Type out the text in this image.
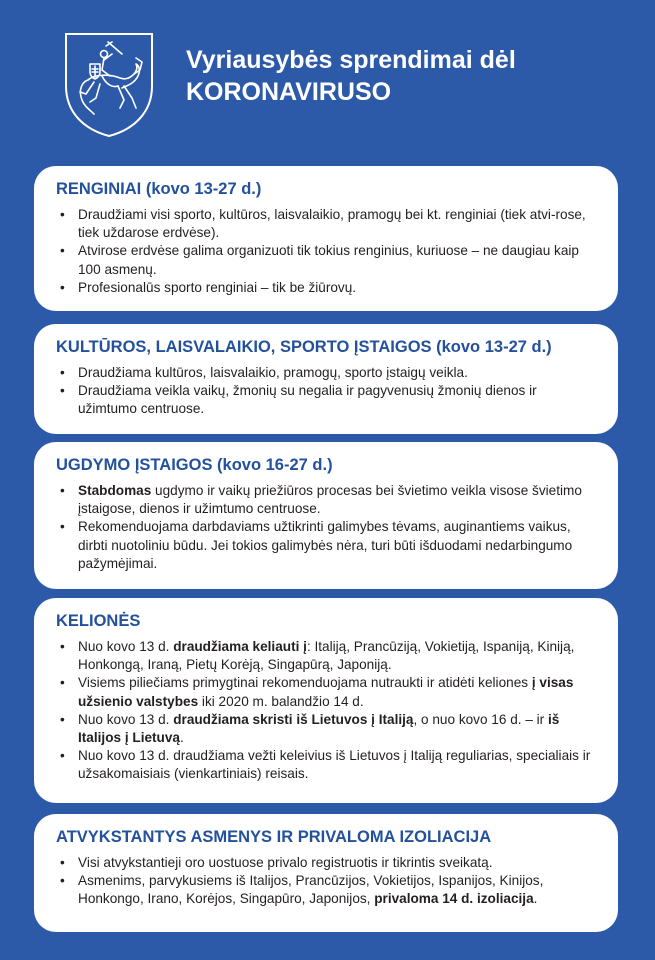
Vyriausybės sprendimai dėl
KORONAVIRUSO
RENGINIAI (kovo 13-27 d.)
• Draudžiami visi sporto, kultūros, laisvalaikio, pramogų bei kt. renginiai (tiek atvi-rose, tiek uždarose erdvėse).
• Atvirose erdvėse galima organizuoti tik tokius renginius, kuriuose – ne daugiau kaip 100 asmenų.
• Profesionalūs sporto renginiai – tik be žiūrovų.
KULTŪROS, LAISVALAIKIO, SPORTO ĮSTAIGOS (kovo 13-27 d.)
• Draudžiama kultūros, laisvalaikio, pramogų, sporto įstaigų veikla.
• Draudžiama veikla vaikų, žmonių su negalia ir pagyvenusių žmonių dienos ir užimtumo centruose.
UGDYMO ĮSTAIGOS (kovo 16-27 d.)
• Stabdomas ugdymo ir vaikų priežiūros procesas bei švietimo veikla visose švietimo įstaigose, dienos ir užimtumo centruose.
• Rekomenduojama darbdaviams užtikrinti galimybes tėvams, auginantiems vaikus, dirbti nuotoliniu būdu. Jei tokios galimybės nėra, turi būti išduodami nedarbingumo pažymėjimai.
KELIONĖS
• Nuo kovo 13 d. draudžiama keliauti į: Italiją, Prancūziją, Vokietiją, Ispaniją, Kiniją, Honkongą, Iraną, Pietų Korėją, Singapūrą, Japoniją.
• Visiems piliečiams primygtinai rekomenduojama nutraukti ir atidėti keliones į visas užsienio valstybes iki 2020 m. balandžio 14 d.
• Nuo kovo 13 d. draudžiama skristi iš Lietuvos į Italiją, o nuo kovo 16 d. – ir iš Italijos į Lietuvą.
• Nuo kovo 13 d. draudžiama vežti keleivius iš Lietuvos į Italiją reguliarias, specialiais ir užsakomaisiais (vienkartiniais) reisais.
ATVYKSTANTYS ASMENYS IR PRIVALOMA IZOLIACIJA
• Visi atvykstantieji oro uostuose privalo registruotis ir tikrintis sveikatą.
• Asmenims, parvykusiems iš Italijos, Prancūzijos, Vokietijos, Ispanijos, Kinijos, Honkongo, Irano, Korėjos, Singapūro, Japonijos, privaloma 14 d. izoliacija.
